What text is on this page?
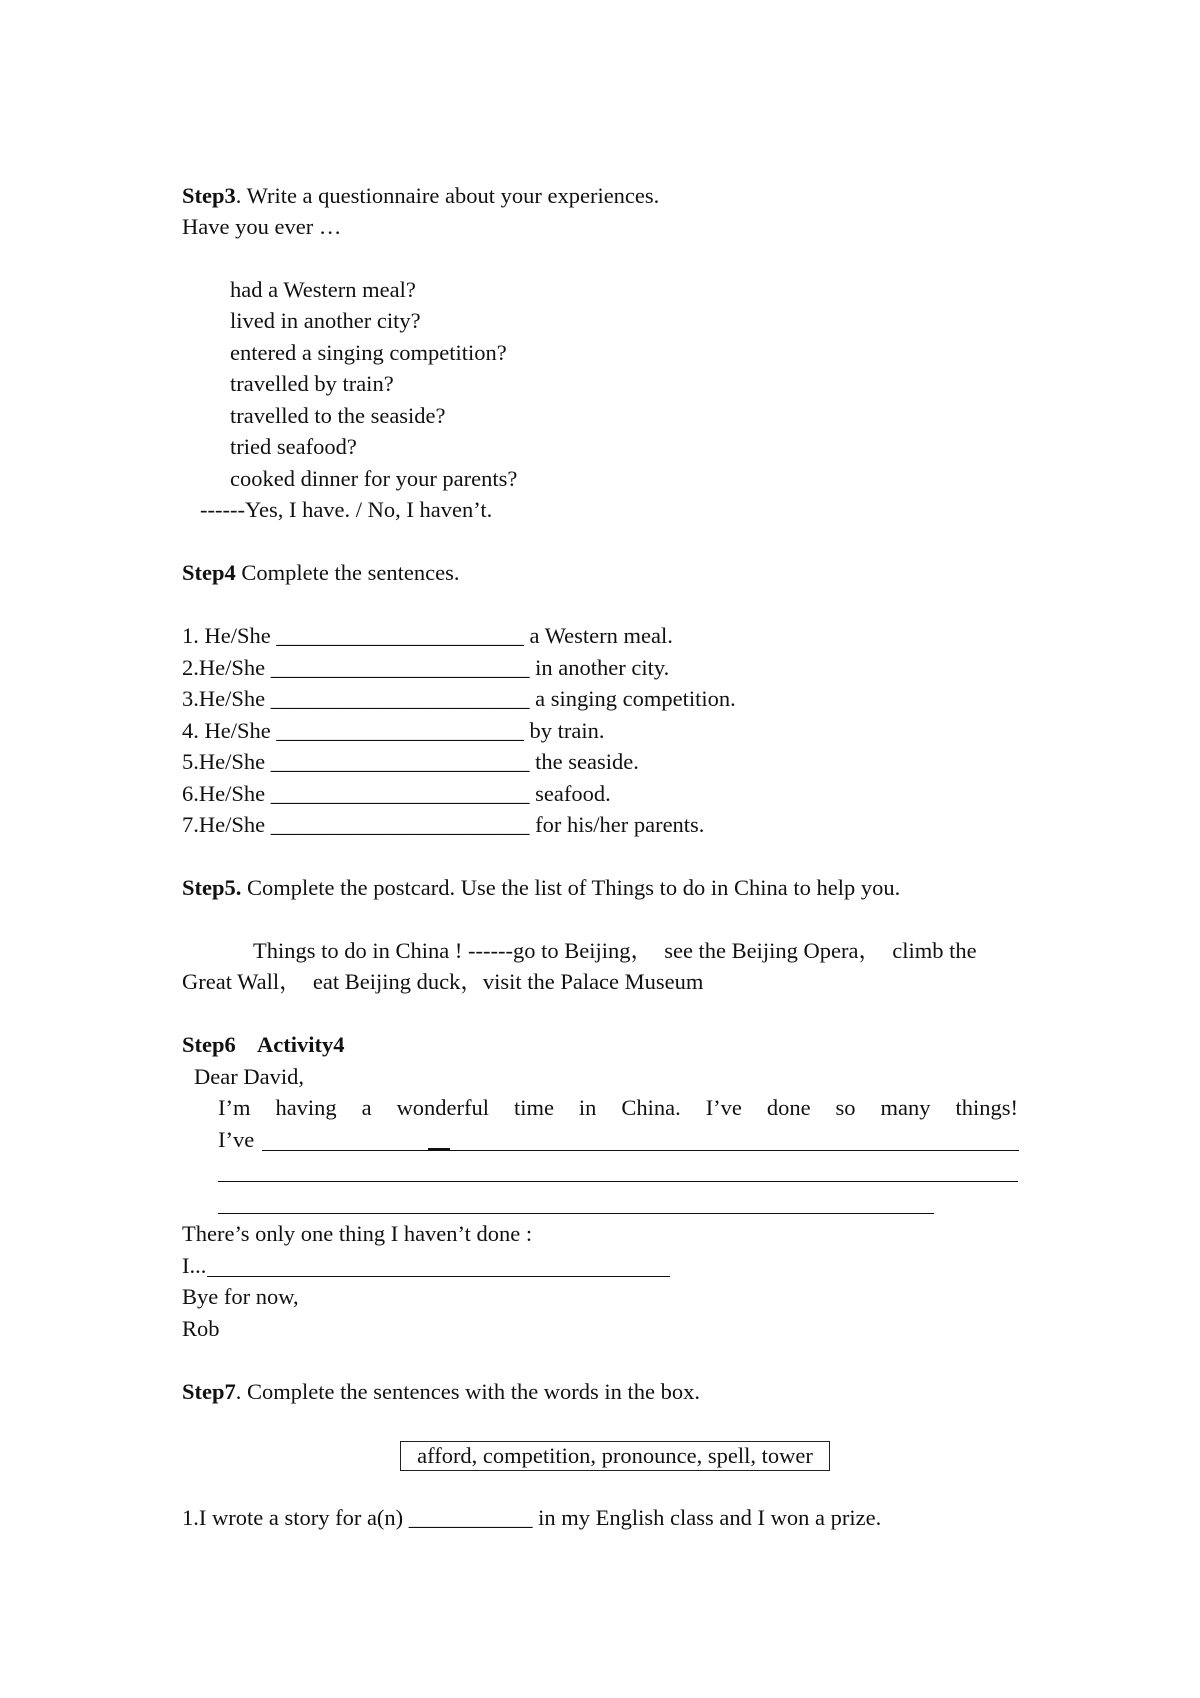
Step3. Write a questionnaire about your experiences.
Have you ever …
had a Western meal?
lived in another city?
entered a singing competition?
travelled by train?
travelled to the seaside?
tried seafood?
cooked dinner for your parents?
------Yes, I have. / No, I haven’t.
Step4 Complete the sentences.
1. He/She ______________________ a Western meal.
2.He/She _______________________ in another city.
3.He/She _______________________ a singing competition.
4. He/She ______________________ by train.
5.He/She _______________________ the seaside.
6.He/She _______________________ seafood.
7.He/She _______________________ for his/her parents.
Step5. Complete the postcard. Use the list of Things to do in China to help you.
Things to do in China ! ------go to Beijing，  see the Beijing Opera，  climb the
Great Wall，  eat Beijing duck，visit the Palace Museum
Step6    Activity4
Dear David,
I’m having a wonderful time in China. I’ve done so many things!
I’ve
There’s only one thing I haven’t done :
I...
Bye for now,
Rob
Step7. Complete the sentences with the words in the box.
afford, competition, pronounce, spell, tower
1.I wrote a story for a(n) ___________ in my English class and I won a prize.
